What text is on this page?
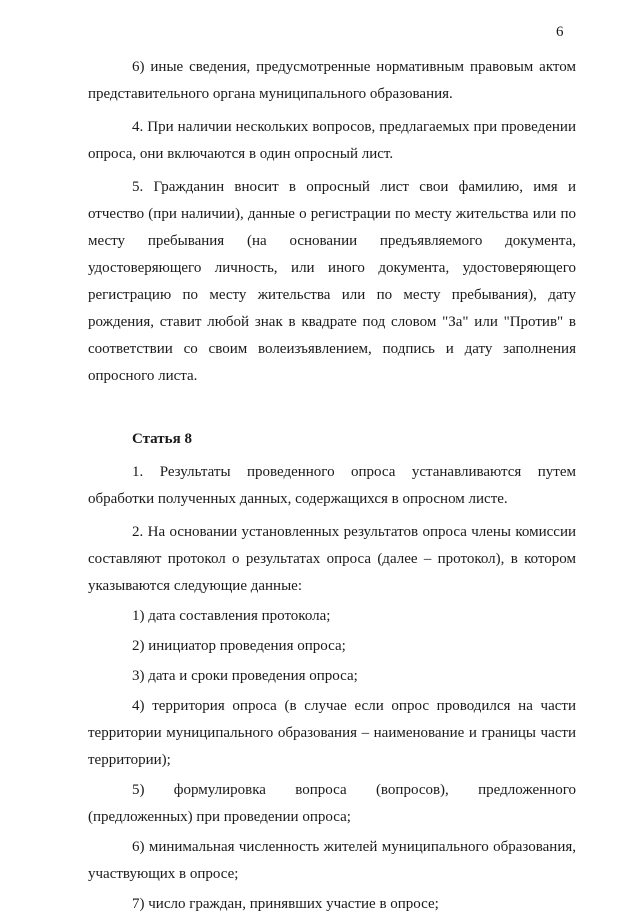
6

6) иные сведения, предусмотренные нормативным правовым актом представительного органа муниципального образования.

4. При наличии нескольких вопросов, предлагаемых при проведении опроса, они включаются в один опросный лист.

5. Гражданин вносит в опросный лист свои фамилию, имя и отчество (при наличии), данные о регистрации по месту жительства или по месту пребывания (на основании предъявляемого документа, удостоверяющего личность, или иного документа, удостоверяющего регистрацию по месту жительства или по месту пребывания), дату рождения, ставит любой знак в квадрате под словом "За" или "Против" в соответствии со своим волеизъявлением, подпись и дату заполнения опросного листа.

Статья 8

1. Результаты проведенного опроса устанавливаются путем обработки полученных данных, содержащихся в опросном листе.

2. На основании установленных результатов опроса члены комиссии составляют протокол о результатах опроса (далее – протокол), в котором указываются следующие данные:

1) дата составления протокола;

2) инициатор проведения опроса;

3) дата и сроки проведения опроса;

4) территория опроса (в случае если опрос проводился на части территории муниципального образования – наименование и границы части территории);

5) формулировка вопроса (вопросов), предложенного (предложенных) при проведении опроса;

6) минимальная численность жителей муниципального образования, участвующих в опросе;

7) число граждан, принявших участие в опросе;
